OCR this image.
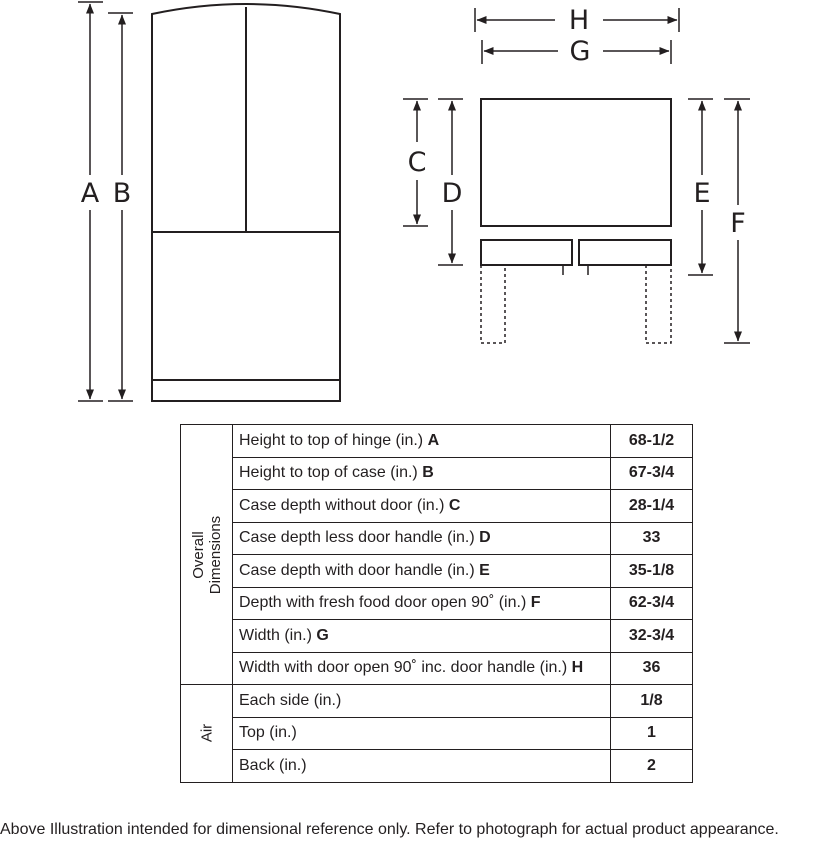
A B
H
G
C
D	E
F
Overall Dimensions	Height to top of hinge (in.) A	68-1/2
	Height to top of case (in.) B	67-3/4
	Case depth without door (in.) C	28-1/4
	Case depth less door handle (in.) D	33
	Case depth with door handle (in.) E	35-1/8
	Depth with fresh food door open 90˚ (in.) F	62-3/4
	Width (in.) G	32-3/4
	Width with door open 90˚ inc. door handle (in.) H	36

Air	Each side (in.)	1/8
	Top (in.)	1
	Back (in.)	2
Above Illustration intended for dimensional reference only. Refer to photograph for actual product appearance.
